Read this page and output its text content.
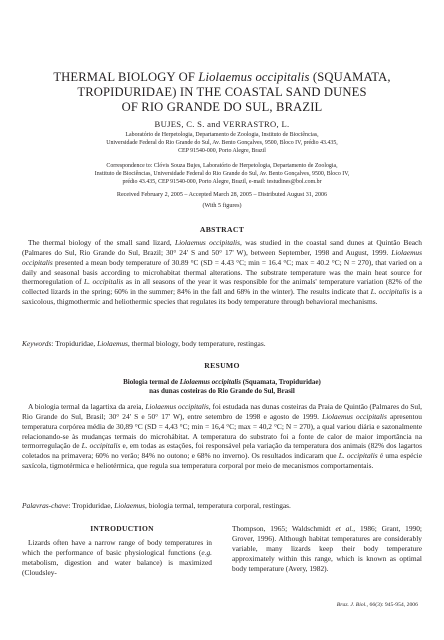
THERMAL BIOLOGY OF Liolaemus occipitalis (SQUAMATA,
TROPIDURIDAE) IN THE COASTAL SAND DUNES
OF RIO GRANDE DO SUL, BRAZIL
BUJES, C. S. and VERRASTRO, L.
Laboratório de Herpetologia, Departamento de Zoologia, Instituto de Biociências,
Universidade Federal do Rio Grande do Sul, Av. Bento Gonçalves, 9500, Bloco IV, prédio 43.435,
CEP 91540-000, Porto Alegre, Brazil
Correspondence to: Clóvis Souza Bujes, Laboratório de Herpetologia, Departamento de Zoologia,
Instituto de Biociências, Universidade Federal do Rio Grande do Sul, Av. Bento Gonçalves, 9500, Bloco IV,
prédio 43.435, CEP 91540-000, Porto Alegre, Brazil, e-mail: testudines@bol.com.br
Received February 2, 2005 – Accepted March 28, 2005 – Distributed August 31, 2006
(With 5 figures)
ABSTRACT

The thermal biology of the small sand lizard, Liolaemus occipitalis, was studied in the coastal sand dunes at Quintão Beach (Palmares do Sul, Rio Grande do Sul, Brazil; 30° 24' S and 50° 17' W), between September, 1998 and August, 1999. Liolaemus occipitalis presented a mean body temperature of 30.89 °C (SD = 4.43 °C; min = 16.4 °C; max = 40.2 °C; N = 270), that varied on a daily and seasonal basis according to microhabitat thermal alterations. The substrate temperature was the main heat source for thermoregulation of L. occipitalis as in all seasons of the year it was responsible for the animals' temperature variation (82% of the collected lizards in the spring; 60% in the summer; 84% in the fall and 68% in the winter). The results indicate that L. occipitalis is a saxicolous, thigmothermic and heliothermic species that regulates its body temperature through behavioral mechanisms.

Keywords: Tropiduridae, Liolaemus, thermal biology, body temperature, restingas.
RESUMO
Biologia termal de Liolaemus occipitalis (Squamata, Tropiduridae)
nas dunas costeiras do Rio Grande do Sul, Brasil

A biologia termal da lagartixa da areia, Liolaemus occipitalis, foi estudada nas dunas costeiras da Praia de Quintão (Palmares do Sul, Rio Grande do Sul, Brasil; 30° 24' S e 50° 17' W), entre setembro de 1998 e agosto de 1999. Liolaemus occipitalis apresentou temperatura corpórea média de 30,89 °C (SD = 4,43 °C; min = 16,4 °C; max = 40,2 °C; N = 270), a qual variou diária e sazonalmente relacionando-se às mudanças termais do microhábitat. A temperatura do substrato foi a fonte de calor de maior importância na termorregulação de L. occipitalis e, em todas as estações, foi responsável pela variação da temperatura dos animais (82% dos lagartos coletados na primavera; 60% no verão; 84% no outono; e 68% no inverno). Os resultados indicaram que L. occipitalis é uma espécie saxícola, tigmotérmica e heliotérmica, que regula sua temperatura corporal por meio de mecanismos comportamentais.

Palavras-chave: Tropiduridae, Liolaemus, biologia termal, temperatura corporal, restingas.
INTRODUCTION
Lizards often have a narrow range of body temperatures in which the performance of basic physiological functions (e.g. metabolism, digestion and water balance) is maximized (Cloudsley-
Thompson, 1965; Waldschmidt et al., 1986; Grant, 1990; Grover, 1996). Although habitat temperatures are considerably variable, many lizards keep their body temperature approximately within this range, which is known as optimal body temperature (Avery, 1982).
Braz. J. Biol., 66(3): 945-954, 2006
